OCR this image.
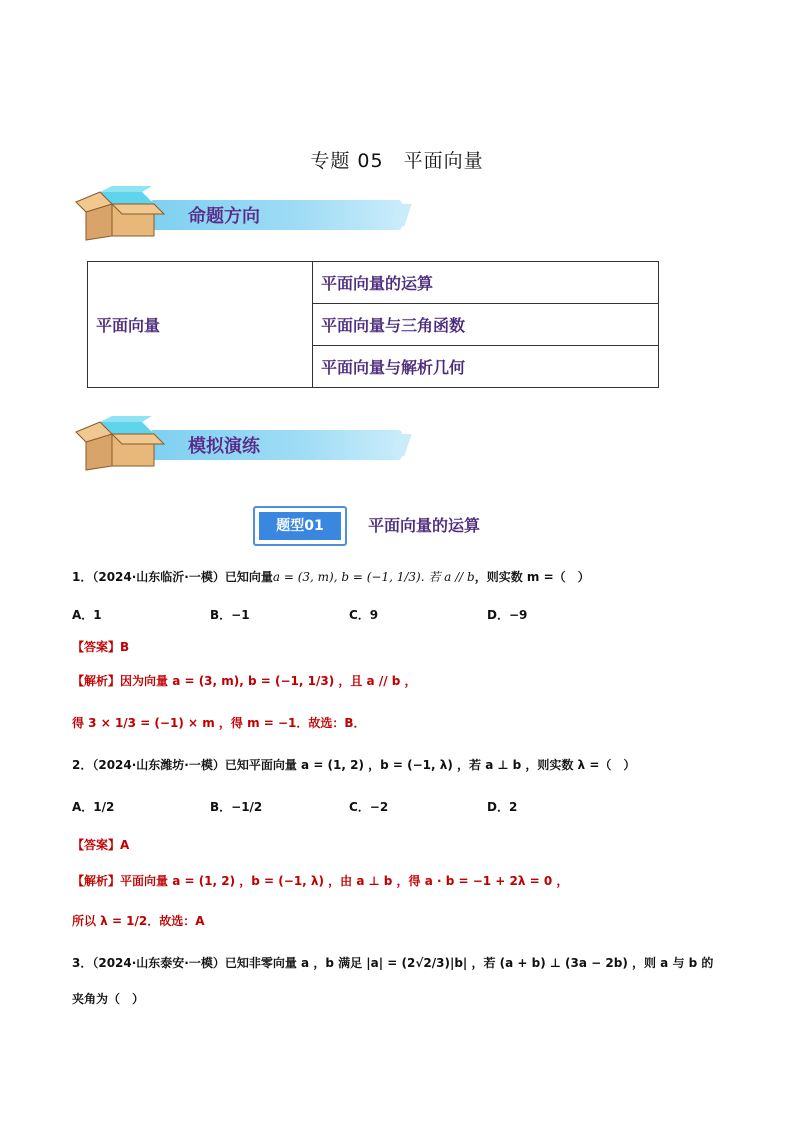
专题 05　平面向量
命题方向
平面向量	平面向量的运算
平面向量与三角函数
平面向量与解析几何
模拟演练
题型01	平面向量的运算
1．（2024·山东临沂·一模）已知向量a = (3, m), b = (−1, 1/3). 若 a // b，则实数 m =（　）
A．1	B．−1	C．9	D．−9
【答案】B
【解析】因为向量 a = (3, m), b = (−1, 1/3) ，且 a // b ，
得 3 × 1/3 = (−1) × m ，得 m = −1．故选：B．
2．（2024·山东潍坊·一模）已知平面向量 a = (1, 2) ，b = (−1, λ) ，若 a ⊥ b ，则实数 λ =（　）
A．1/2	B．−1/2	C．−2	D．2
【答案】A
【解析】平面向量 a = (1, 2) ，b = (−1, λ) ，由 a ⊥ b ，得 a · b = −1 + 2λ = 0 ，
所以 λ = 1/2．故选：A
3．（2024·山东泰安·一模）已知非零向量 a ，b 满足 |a| = (2√2/3)|b| ，若 (a + b) ⊥ (3a − 2b) ，则 a 与 b 的
夹角为（　）
